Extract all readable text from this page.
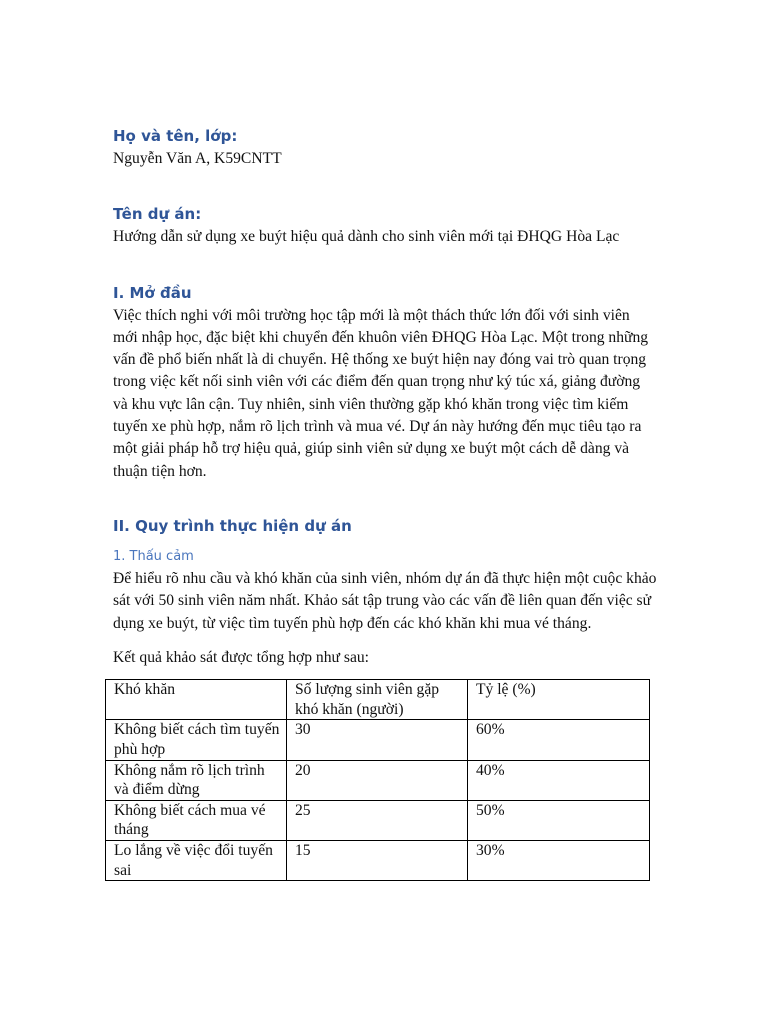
Họ và tên, lớp:

Nguyễn Văn A, K59CNTT

Tên dự án:

Hướng dẫn sử dụng xe buýt hiệu quả dành cho sinh viên mới tại ĐHQG Hòa Lạc

I. Mở đầu

Việc thích nghi với môi trường học tập mới là một thách thức lớn đối với sinh viên mới nhập học, đặc biệt khi chuyển đến khuôn viên ĐHQG Hòa Lạc. Một trong những vấn đề phổ biến nhất là di chuyển. Hệ thống xe buýt hiện nay đóng vai trò quan trọng trong việc kết nối sinh viên với các điểm đến quan trọng như ký túc xá, giảng đường và khu vực lân cận. Tuy nhiên, sinh viên thường gặp khó khăn trong việc tìm kiếm tuyến xe phù hợp, nắm rõ lịch trình và mua vé. Dự án này hướng đến mục tiêu tạo ra một giải pháp hỗ trợ hiệu quả, giúp sinh viên sử dụng xe buýt một cách dễ dàng và thuận tiện hơn.

II. Quy trình thực hiện dự án

1. Thấu cảm

Để hiểu rõ nhu cầu và khó khăn của sinh viên, nhóm dự án đã thực hiện một cuộc khảo sát với 50 sinh viên năm nhất. Khảo sát tập trung vào các vấn đề liên quan đến việc sử dụng xe buýt, từ việc tìm tuyến phù hợp đến các khó khăn khi mua vé tháng.

Kết quả khảo sát được tổng hợp như sau:

Khó khăn	Số lượng sinh viên gặp khó khăn (người)	Tỷ lệ (%)
Không biết cách tìm tuyến phù hợp	30	60%
Không nắm rõ lịch trình và điểm dừng	20	40%
Không biết cách mua vé tháng	25	50%
Lo lắng về việc đổi tuyến sai	15	30%
